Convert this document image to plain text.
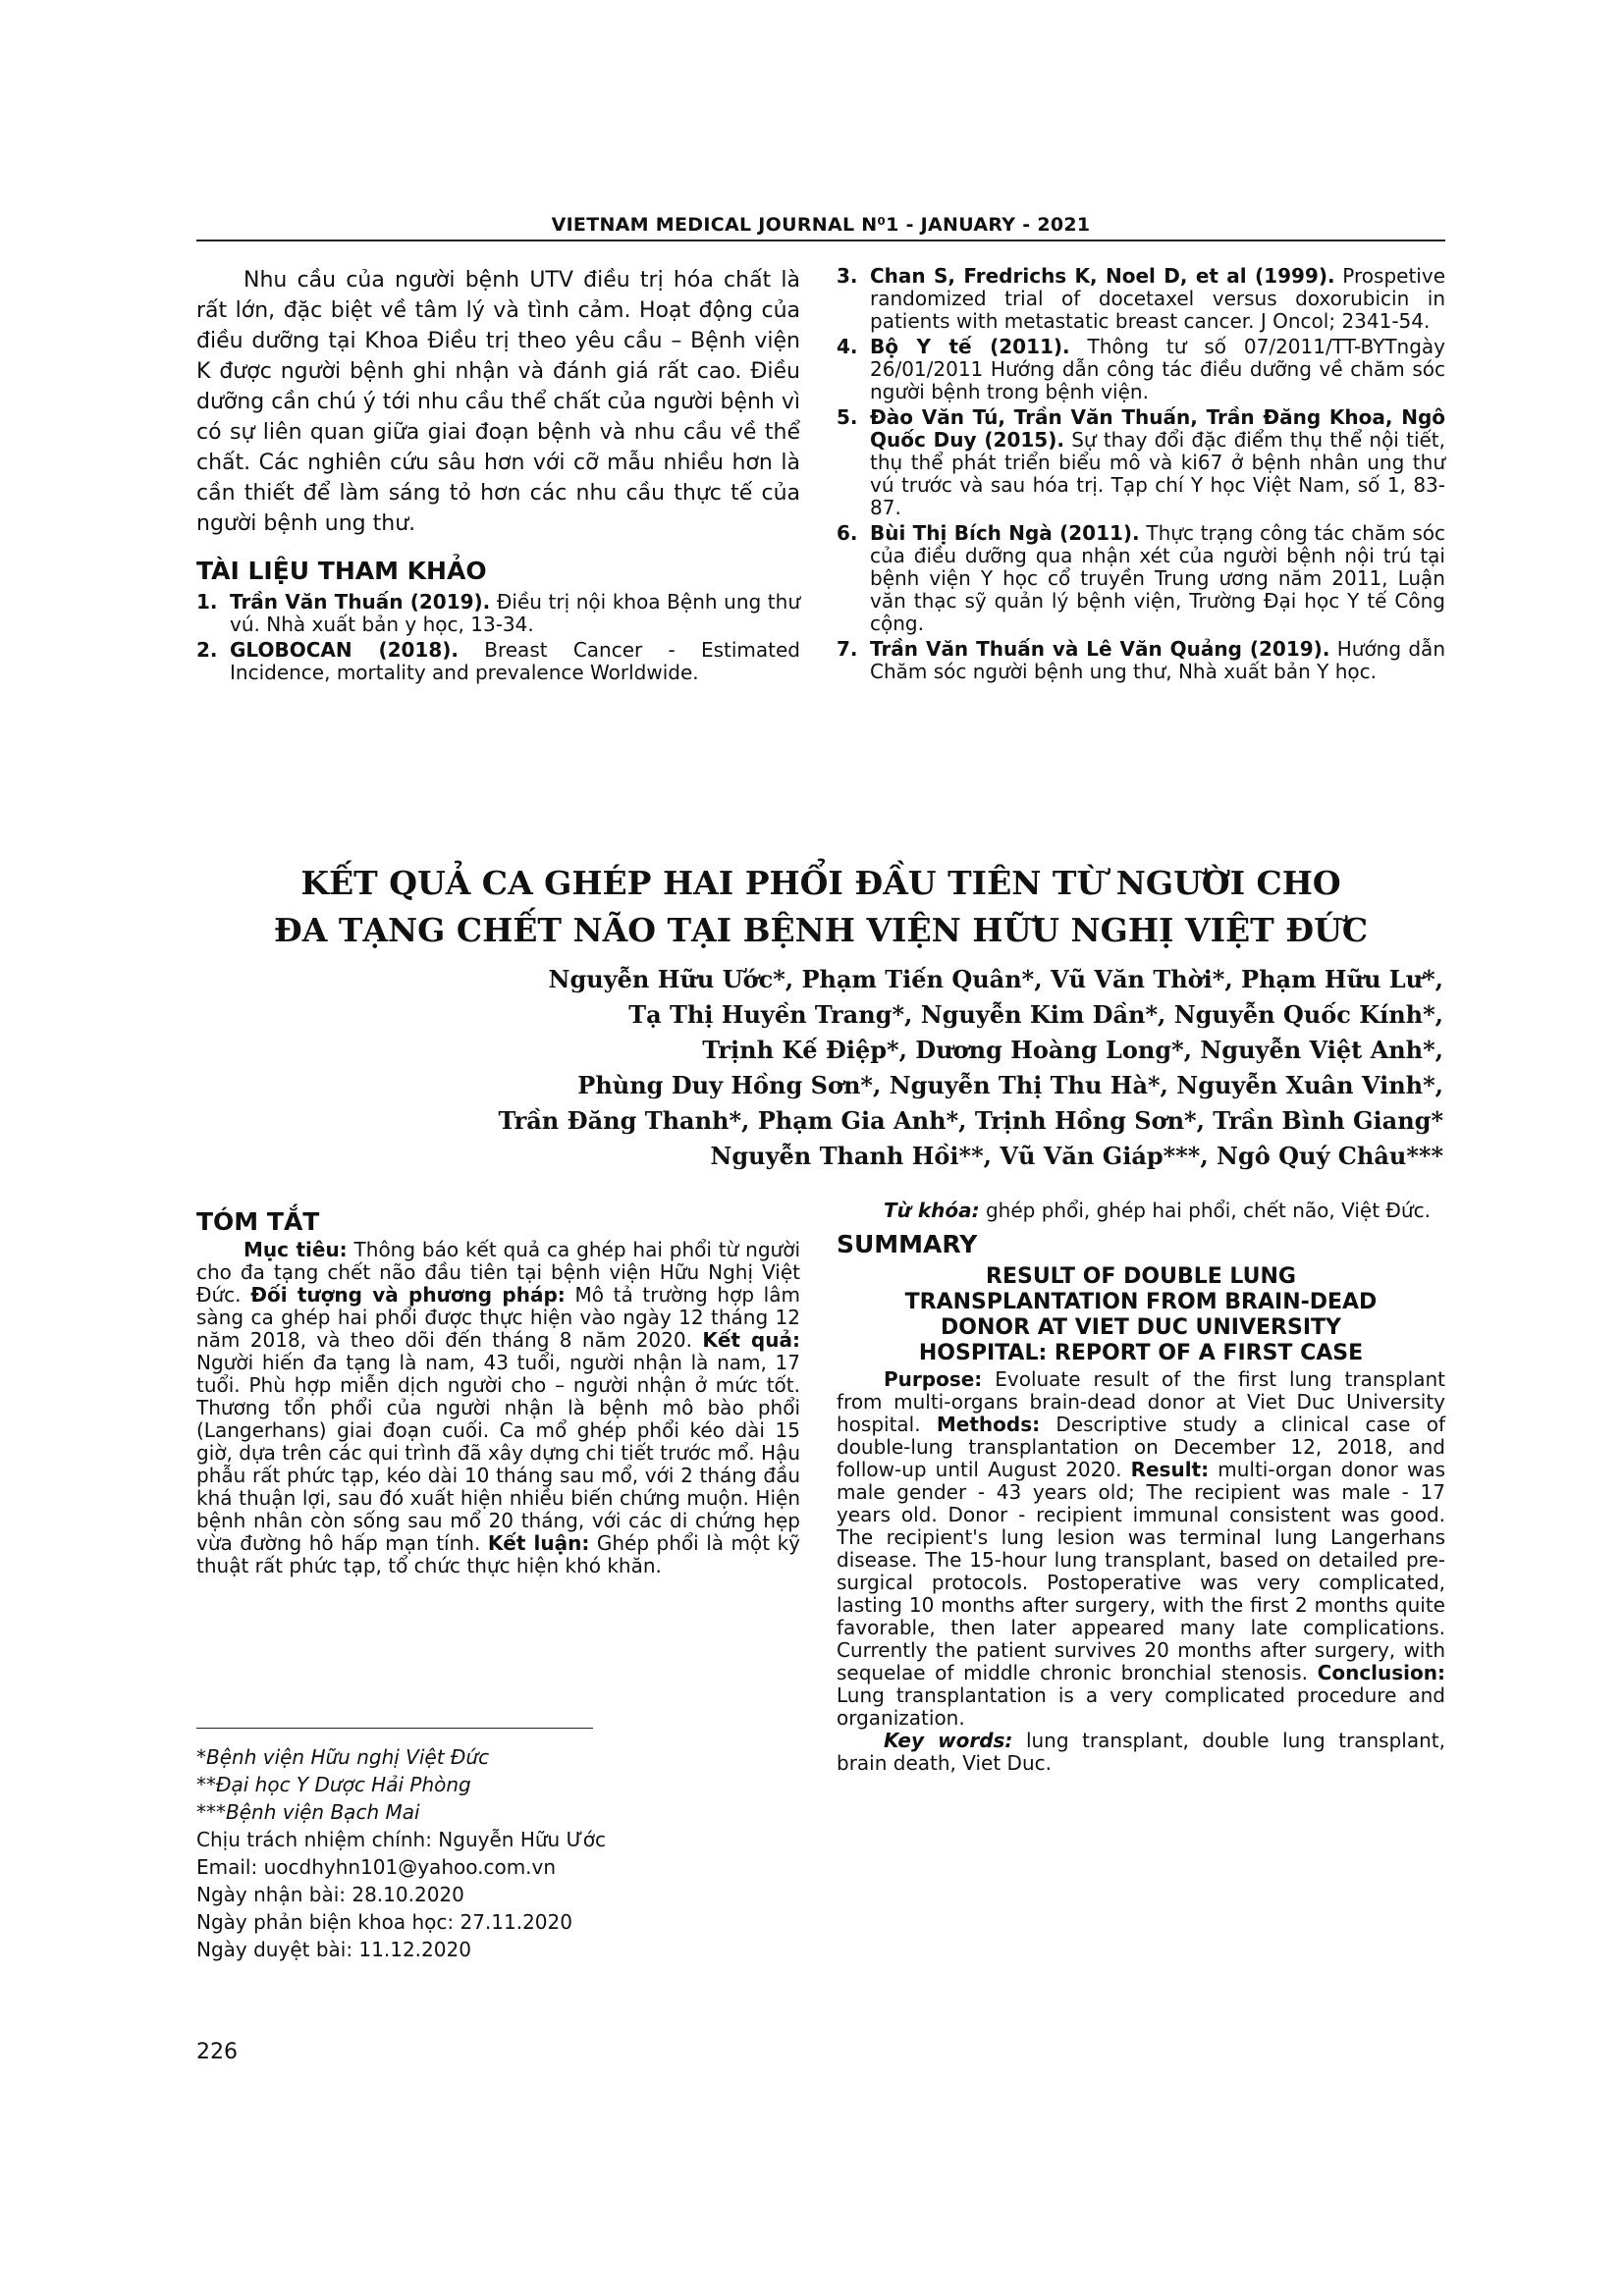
VIETNAM MEDICAL JOURNAL N⁰1 - JANUARY - 2021

Nhu cầu của người bệnh UTV điều trị hóa chất là rất lớn, đặc biệt về tâm lý và tình cảm. Hoạt động của điều dưỡng tại Khoa Điều trị theo yêu cầu – Bệnh viện K được người bệnh ghi nhận và đánh giá rất cao. Điều dưỡng cần chú ý tới nhu cầu thể chất của người bệnh vì có sự liên quan giữa giai đoạn bệnh và nhu cầu về thể chất. Các nghiên cứu sâu hơn với cỡ mẫu nhiều hơn là cần thiết để làm sáng tỏ hơn các nhu cầu thực tế của người bệnh ung thư.

TÀI LIỆU THAM KHẢO
1. Trần Văn Thuấn (2019). Điều trị nội khoa Bệnh ung thư vú. Nhà xuất bản y học, 13-34.
2. GLOBOCAN (2018). Breast Cancer - Estimated Incidence, mortality and prevalence Worldwide.
3. Chan S, Fredrichs K, Noel D, et al (1999). Prospetive randomized trial of docetaxel versus doxorubicin in patients with metastatic breast cancer. J Oncol; 2341-54.
4. Bộ Y tế (2011). Thông tư số 07/2011/TT-BYTngày 26/01/2011 Hướng dẫn công tác điều dưỡng về chăm sóc người bệnh trong bệnh viện.
5. Đào Văn Tú, Trần Văn Thuấn, Trần Đăng Khoa, Ngô Quốc Duy (2015). Sự thay đổi đặc điểm thụ thể nội tiết, thụ thể phát triển biểu mô và ki67 ở bệnh nhân ung thư vú trước và sau hóa trị. Tạp chí Y học Việt Nam, số 1, 83-87.
6. Bùi Thị Bích Ngà (2011). Thực trạng công tác chăm sóc của điều dưỡng qua nhận xét của người bệnh nội trú tại bệnh viện Y học cổ truyền Trung ương năm 2011, Luận văn thạc sỹ quản lý bệnh viện, Trường Đại học Y tế Công cộng.
7. Trần Văn Thuấn và Lê Văn Quảng (2019). Hướng dẫn Chăm sóc người bệnh ung thư, Nhà xuất bản Y học.
KẾT QUẢ CA GHÉP HAI PHỔI ĐẦU TIÊN TỪ NGƯỜI CHO
ĐA TẠNG CHẾT NÃO TẠI BỆNH VIỆN HỮU NGHỊ VIỆT ĐỨC
Nguyễn Hữu Ước*, Phạm Tiến Quân*, Vũ Văn Thời*, Phạm Hữu Lư*,
Tạ Thị Huyền Trang*, Nguyễn Kim Dần*, Nguyễn Quốc Kính*,
Trịnh Kế Điệp*, Dương Hoàng Long*, Nguyễn Việt Anh*,
Phùng Duy Hồng Sơn*, Nguyễn Thị Thu Hà*, Nguyễn Xuân Vinh*,
Trần Đăng Thanh*, Phạm Gia Anh*, Trịnh Hồng Sơn*, Trần Bình Giang*
Nguyễn Thanh Hồi**, Vũ Văn Giáp***, Ngô Quý Châu***
TÓM TẮT
Mục tiêu: Thông báo kết quả ca ghép hai phổi từ người cho đa tạng chết não đầu tiên tại bệnh viện Hữu Nghị Việt Đức. Đối tượng và phương pháp: Mô tả trường hợp lâm sàng ca ghép hai phổi được thực hiện vào ngày 12 tháng 12 năm 2018, và theo dõi đến tháng 8 năm 2020. Kết quả: Người hiến đa tạng là nam, 43 tuổi, người nhận là nam, 17 tuổi. Phù hợp miễn dịch người cho – người nhận ở mức tốt. Thương tổn phổi của người nhận là bệnh mô bào phổi (Langerhans) giai đoạn cuối. Ca mổ ghép phổi kéo dài 15 giờ, dựa trên các qui trình đã xây dựng chi tiết trước mổ. Hậu phẫu rất phức tạp, kéo dài 10 tháng sau mổ, với 2 tháng đầu khá thuận lợi, sau đó xuất hiện nhiều biến chứng muộn. Hiện bệnh nhân còn sống sau mổ 20 tháng, với các di chứng hẹp vừa đường hô hấp mạn tính. Kết luận: Ghép phổi là một kỹ thuật rất phức tạp, tổ chức thực hiện khó khăn.
*Bệnh viện Hữu nghị Việt Đức
**Đại học Y Dược Hải Phòng
***Bệnh viện Bạch Mai
Chịu trách nhiệm chính: Nguyễn Hữu Ước
Email: uocdhyhn101@yahoo.com.vn
Ngày nhận bài: 28.10.2020
Ngày phản biện khoa học: 27.11.2020
Ngày duyệt bài: 11.12.2020

Từ khóa: ghép phổi, ghép hai phổi, chết não, Việt Đức.

SUMMARY
RESULT OF DOUBLE LUNG
TRANSPLANTATION FROM BRAIN-DEAD
DONOR AT VIET DUC UNIVERSITY
HOSPITAL: REPORT OF A FIRST CASE

Purpose: Evoluate result of the first lung transplant from multi-organs brain-dead donor at Viet Duc University hospital. Methods: Descriptive study a clinical case of double-lung transplantation on December 12, 2018, and follow-up until August 2020. Result: multi-organ donor was male gender - 43 years old; The recipient was male - 17 years old. Donor - recipient immunal consistent was good. The recipient's lung lesion was terminal lung Langerhans disease. The 15-hour lung transplant, based on detailed pre-surgical protocols. Postoperative was very complicated, lasting 10 months after surgery, with the first 2 months quite favorable, then later appeared many late complications. Currently the patient survives 20 months after surgery, with sequelae of middle chronic bronchial stenosis. Conclusion: Lung transplantation is a very complicated procedure and organization.

Key words: lung transplant, double lung transplant, brain death, Viet Duc.

226
